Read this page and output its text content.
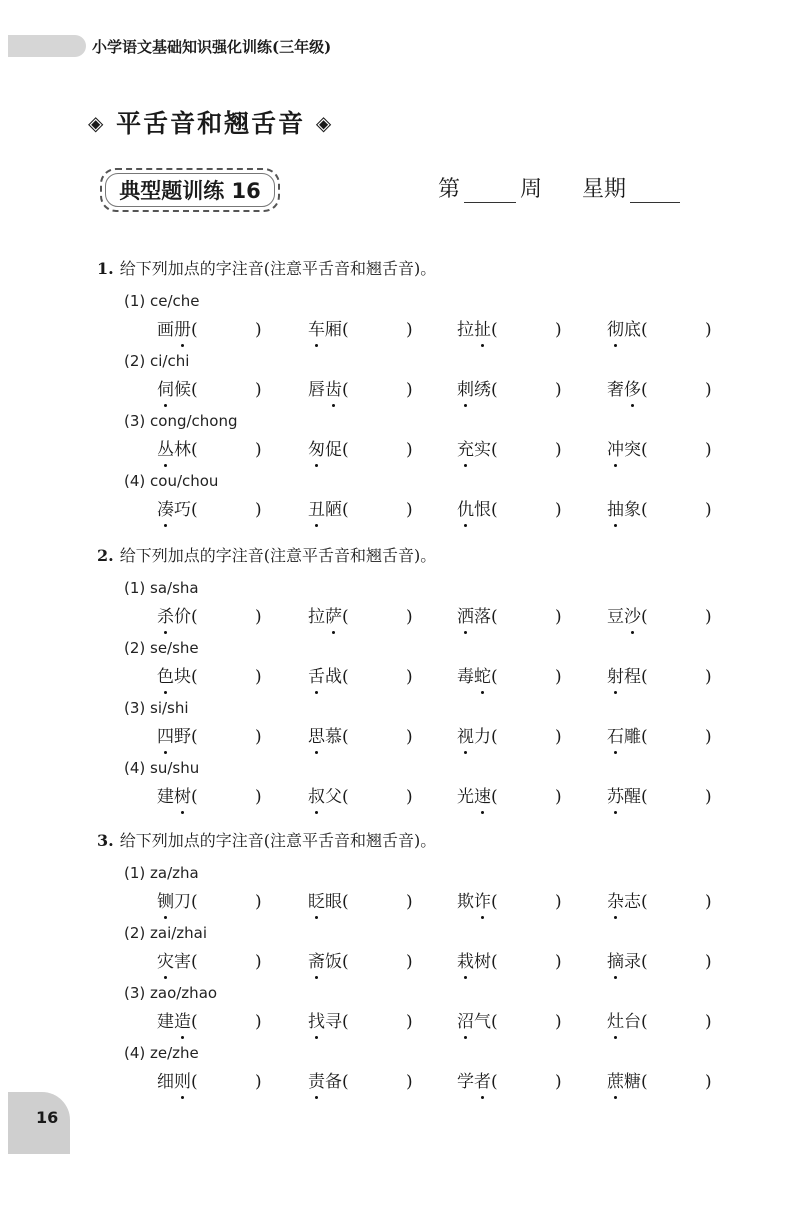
小学语文基础知识强化训练(三年级)
◈ 平舌音和翘舌音 ◈
典型题训练 16	第	周 星期
1. 给下列加点的字注音(注意平舌音和翘舌音)。
(1) ce/che
画册(	)	车厢(	)	拉扯(	)	彻底(	)
(2) ci/chi
伺候(	)	唇齿(	)	刺绣(	)	奢侈(	)
(3) cong/chong
丛林(	)	匆促(	)	充实(	)	冲突(	)
(4) cou/chou
凑巧(	)	丑陋(	)	仇恨(	)	抽象(	)
2. 给下列加点的字注音(注意平舌音和翘舌音)。
(1) sa/sha
杀价(	)	拉萨(	)	洒落(	)	豆沙(	)
(2) se/she
色块(	)	舌战(	)	毒蛇(	)	射程(	)
(3) si/shi
四野(	)	思慕(	)	视力(	)	石雕(	)
(4) su/shu
建树(	)	叔父(	)	光速(	)	苏醒(	)
3. 给下列加点的字注音(注意平舌音和翘舌音)。
(1) za/zha
铡刀(	)	眨眼(	)	欺诈(	)	杂志(	)
(2) zai/zhai
灾害(	)	斋饭(	)	栽树(	)	摘录(	)
(3) zao/zhao
建造(	)	找寻(	)	沼气(	)	灶台(	)
(4) ze/zhe
细则(	)	责备(	)	学者(	)	蔗糖(	)
16
